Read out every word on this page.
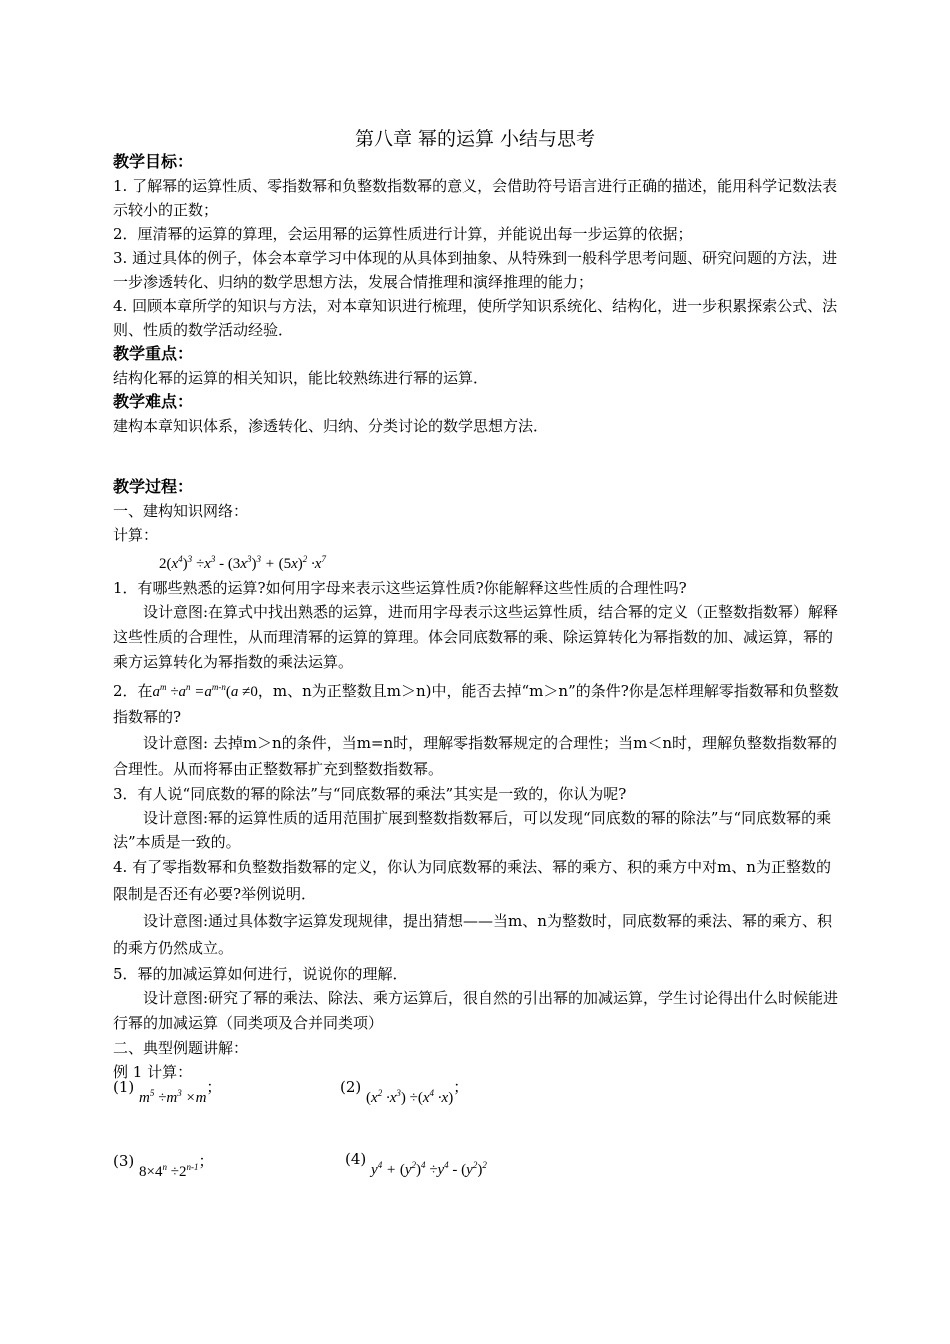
第八章 幂的运算 小结与思考

教学目标：

1. 了解幂的运算性质、零指数幂和负整数指数幂的意义，会借助符号语言进行正确的描述，能用科学记数法表示较小的正数；

2．厘清幂的运算的算理，会运用幂的运算性质进行计算，并能说出每一步运算的依据；

3. 通过具体的例子，体会本章学习中体现的从具体到抽象、从特殊到一般科学思考问题、研究问题的方法，进一步渗透转化、归纳的数学思想方法，发展合情推理和演绎推理的能力；

4. 回顾本章所学的知识与方法，对本章知识进行梳理，使所学知识系统化、结构化，进一步积累探索公式、法则、性质的数学活动经验．

教学重点：

结构化幂的运算的相关知识，能比较熟练进行幂的运算．

教学难点：

建构本章知识体系，渗透转化、归纳、分类讨论的数学思想方法．

教学过程：

一、建构知识网络：

计算：

$2(x^4)^3 \div x^3 - (3x^3)^3 + (5x)^2 \cdot x^7$

1．有哪些熟悉的运算?如何用字母来表示这些运算性质?你能解释这些性质的合理性吗?

设计意图:在算式中找出熟悉的运算，进而用字母表示这些运算性质，结合幂的定义（正整数指数幂）解释这些性质的合理性，从而理清幂的运算的算理。体会同底数幂的乘、除运算转化为幂指数的加、减运算，幂的乘方运算转化为幂指数的乘法运算。

2．在$a^m \div a^n =a^{m-n}(a \ne 0$，m、n为正整数且m＞n)中，能否去掉“m＞n”的条件?你是怎样理解零指数幂和负整数指数幂的?

设计意图: 去掉m＞n的条件，当m=n时，理解零指数幂规定的合理性；当m＜n时，理解负整数指数幂的合理性。从而将幂由正整数幂扩充到整数指数幂。

3．有人说“同底数的幂的除法”与“同底数幂的乘法”其实是一致的，你认为呢?

设计意图:幂的运算性质的适用范围扩展到整数指数幂后，可以发现“同底数的幂的除法”与“同底数幂的乘法”本质是一致的。

4. 有了零指数幂和负整数指数幂的定义，你认为同底数幂的乘法、幂的乘方、积的乘方中对m、n为正整数的限制是否还有必要?举例说明．

设计意图:通过具体数字运算发现规律，提出猜想——当m、n为整数时，同底数幂的乘法、幂的乘方、积的乘方仍然成立。

5．幂的加减运算如何进行，说说你的理解．

设计意图:研究了幂的乘法、除法、乘方运算后，很自然的引出幂的加减运算，学生讨论得出什么时候能进行幂的加减运算（同类项及合并同类项）

二、典型例题讲解：

例 1 计算：

(1) $m^5 \div m^3 \times m$；	(2) $(x^2 \cdot x^3) \div(x^4 \cdot x)$；
(3) $8\times 4^n \div 2^{n-1}$；	(4) $y^4 + (y^2)^4 \div y^4 - (y^2)^2$
